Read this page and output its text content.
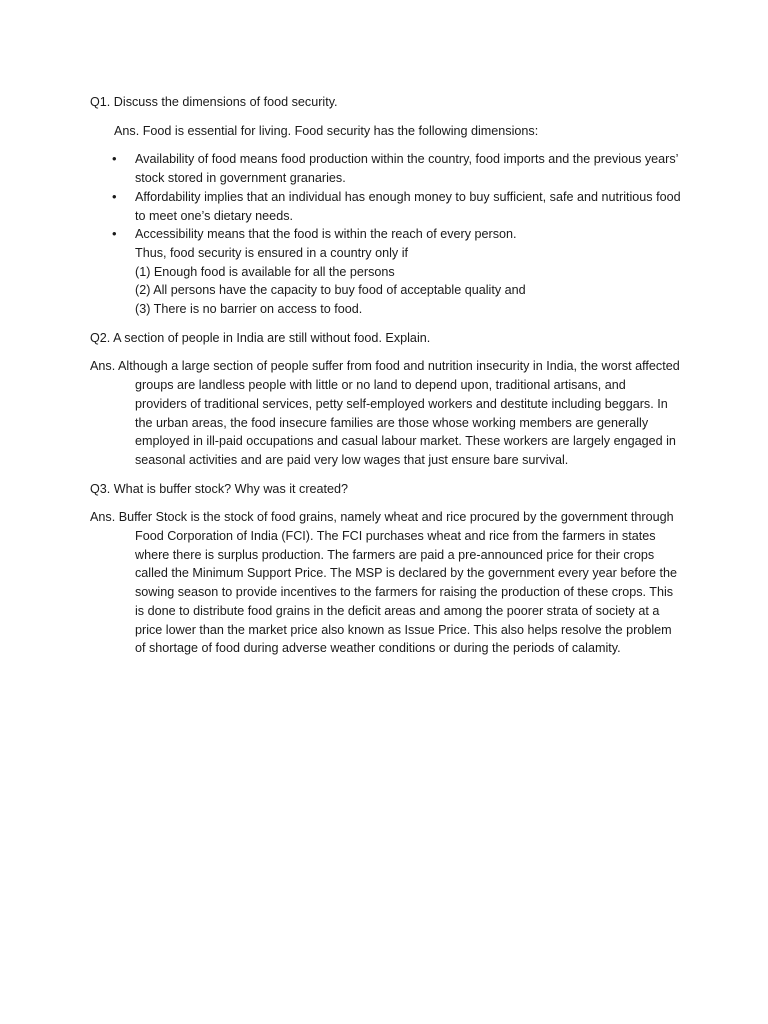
Q1. Discuss the dimensions of food security.

Ans. Food is essential for living. Food security has the following dimensions:

• Availability of food means food production within the country, food imports and the previous years’ stock stored in government granaries.
• Affordability implies that an individual has enough money to buy sufficient, safe and nutritious food to meet one’s dietary needs.
• Accessibility means that the food is within the reach of every person.
Thus, food security is ensured in a country only if
(1) Enough food is available for all the persons
(2) All persons have the capacity to buy food of acceptable quality and
(3) There is no barrier on access to food.

Q2. A section of people in India are still without food. Explain.

Ans. Although a large section of people suffer from food and nutrition insecurity in India, the worst affected groups are landless people with little or no land to depend upon, traditional artisans, and providers of traditional services, petty self-employed workers and destitute including beggars. In the urban areas, the food insecure families are those whose working members are generally employed in ill-paid occupations and casual labour market. These workers are largely engaged in seasonal activities and are paid very low wages that just ensure bare survival.

Q3. What is buffer stock? Why was it created?

Ans. Buffer Stock is the stock of food grains, namely wheat and rice procured by the government through Food Corporation of India (FCI). The FCI purchases wheat and rice from the farmers in states where there is surplus production. The farmers are paid a pre-announced price for their crops called the Minimum Support Price. The MSP is declared by the government every year before the sowing season to provide incentives to the farmers for raising the production of these crops. This is done to distribute food grains in the deficit areas and among the poorer strata of society at a price lower than the market price also known as Issue Price. This also helps resolve the problem of shortage of food during adverse weather conditions or during the periods of calamity.
